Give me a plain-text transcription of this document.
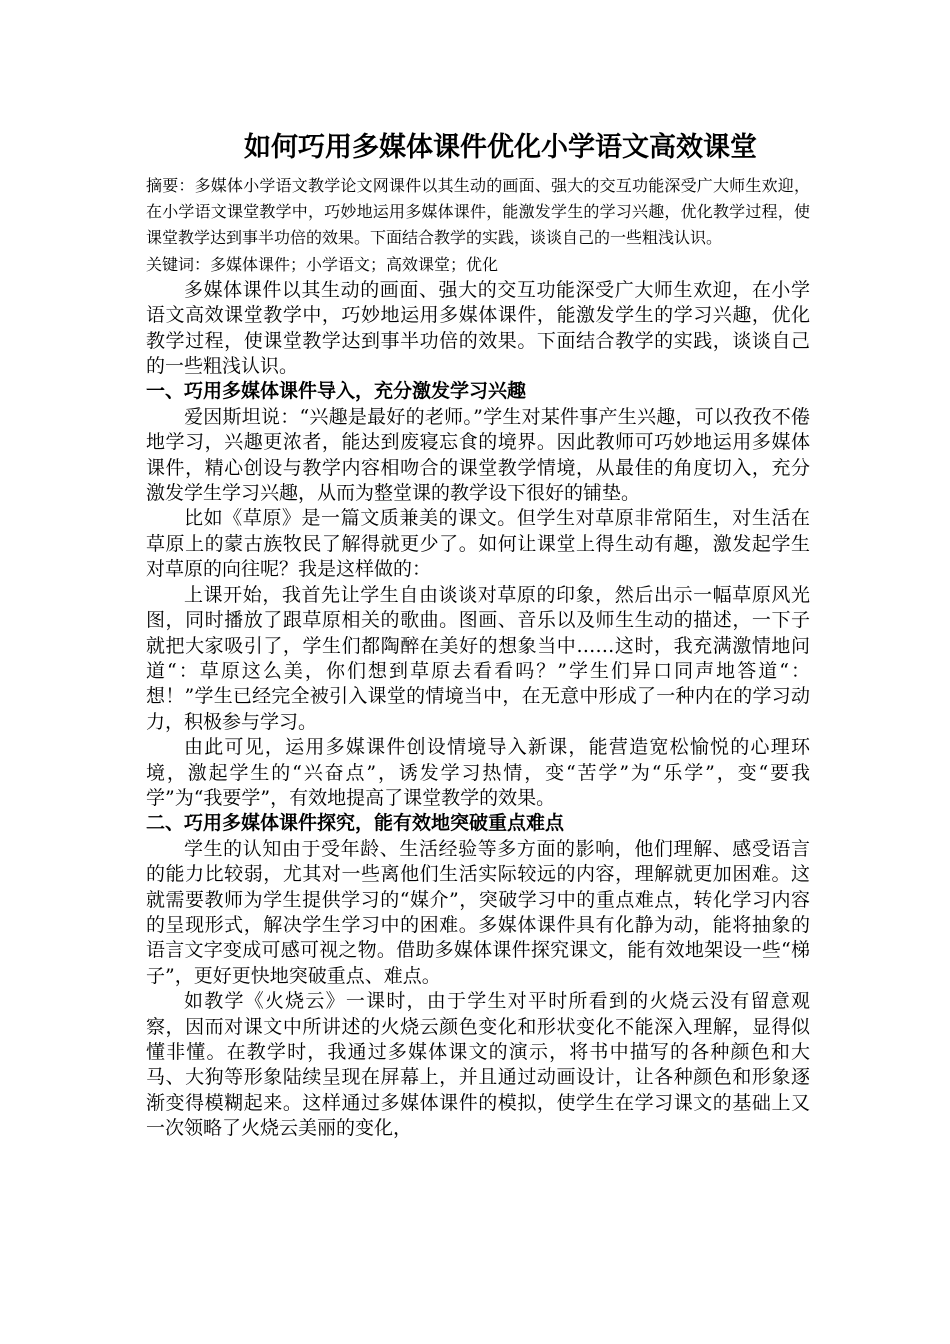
如何巧用多媒体课件优化小学语文高效课堂

摘要：多媒体小学语文教学论文网课件以其生动的画面、强大的交互功能深受广大师生欢迎，在小学语文课堂教学中，巧妙地运用多媒体课件，能激发学生的学习兴趣，优化教学过程，使课堂教学达到事半功倍的效果。下面结合教学的实践，谈谈自己的一些粗浅认识。

关键词：多媒体课件；小学语文；高效课堂；优化

多媒体课件以其生动的画面、强大的交互功能深受广大师生欢迎，在小学语文高效课堂教学中，巧妙地运用多媒体课件，能激发学生的学习兴趣，优化教学过程，使课堂教学达到事半功倍的效果。下面结合教学的实践，谈谈自己的一些粗浅认识。

一、巧用多媒体课件导入，充分激发学习兴趣

爱因斯坦说：“兴趣是最好的老师。”学生对某件事产生兴趣，可以孜孜不倦地学习，兴趣更浓者，能达到废寝忘食的境界。因此教师可巧妙地运用多媒体课件，精心创设与教学内容相吻合的课堂教学情境，从最佳的角度切入，充分激发学生学习兴趣，从而为整堂课的教学设下很好的铺垫。

比如《草原》是一篇文质兼美的课文。但学生对草原非常陌生，对生活在草原上的蒙古族牧民了解得就更少了。如何让课堂上得生动有趣，激发起学生对草原的向往呢？我是这样做的：

上课开始，我首先让学生自由谈谈对草原的印象，然后出示一幅草原风光图，同时播放了跟草原相关的歌曲。图画、音乐以及师生生动的描述，一下子就把大家吸引了，学生们都陶醉在美好的想象当中……这时，我充满激情地问道“：草原这么美，你们想到草原去看看吗？”学生们异口同声地答道“：想！”学生已经完全被引入课堂的情境当中，在无意中形成了一种内在的学习动力，积极参与学习。

由此可见，运用多媒课件创设情境导入新课，能营造宽松愉悦的心理环境，激起学生的“兴奋点”，诱发学习热情，变“苦学”为“乐学”，变“要我学”为“我要学”，有效地提高了课堂教学的效果。

二、巧用多媒体课件探究，能有效地突破重点难点

学生的认知由于受年龄、生活经验等多方面的影响，他们理解、感受语言的能力比较弱，尤其对一些离他们生活实际较远的内容，理解就更加困难。这就需要教师为学生提供学习的“媒介”，突破学习中的重点难点，转化学习内容的呈现形式，解决学生学习中的困难。多媒体课件具有化静为动，能将抽象的语言文字变成可感可视之物。借助多媒体课件探究课文，能有效地架设一些“梯子”，更好更快地突破重点、难点。

如教学《火烧云》一课时，由于学生对平时所看到的火烧云没有留意观察，因而对课文中所讲述的火烧云颜色变化和形状变化不能深入理解，显得似懂非懂。在教学时，我通过多媒体课文的演示，将书中描写的各种颜色和大马、大狗等形象陆续呈现在屏幕上，并且通过动画设计，让各种颜色和形象逐渐变得模糊起来。这样通过多媒体课件的模拟，使学生在学习课文的基础上又一次领略了火烧云美丽的变化，
